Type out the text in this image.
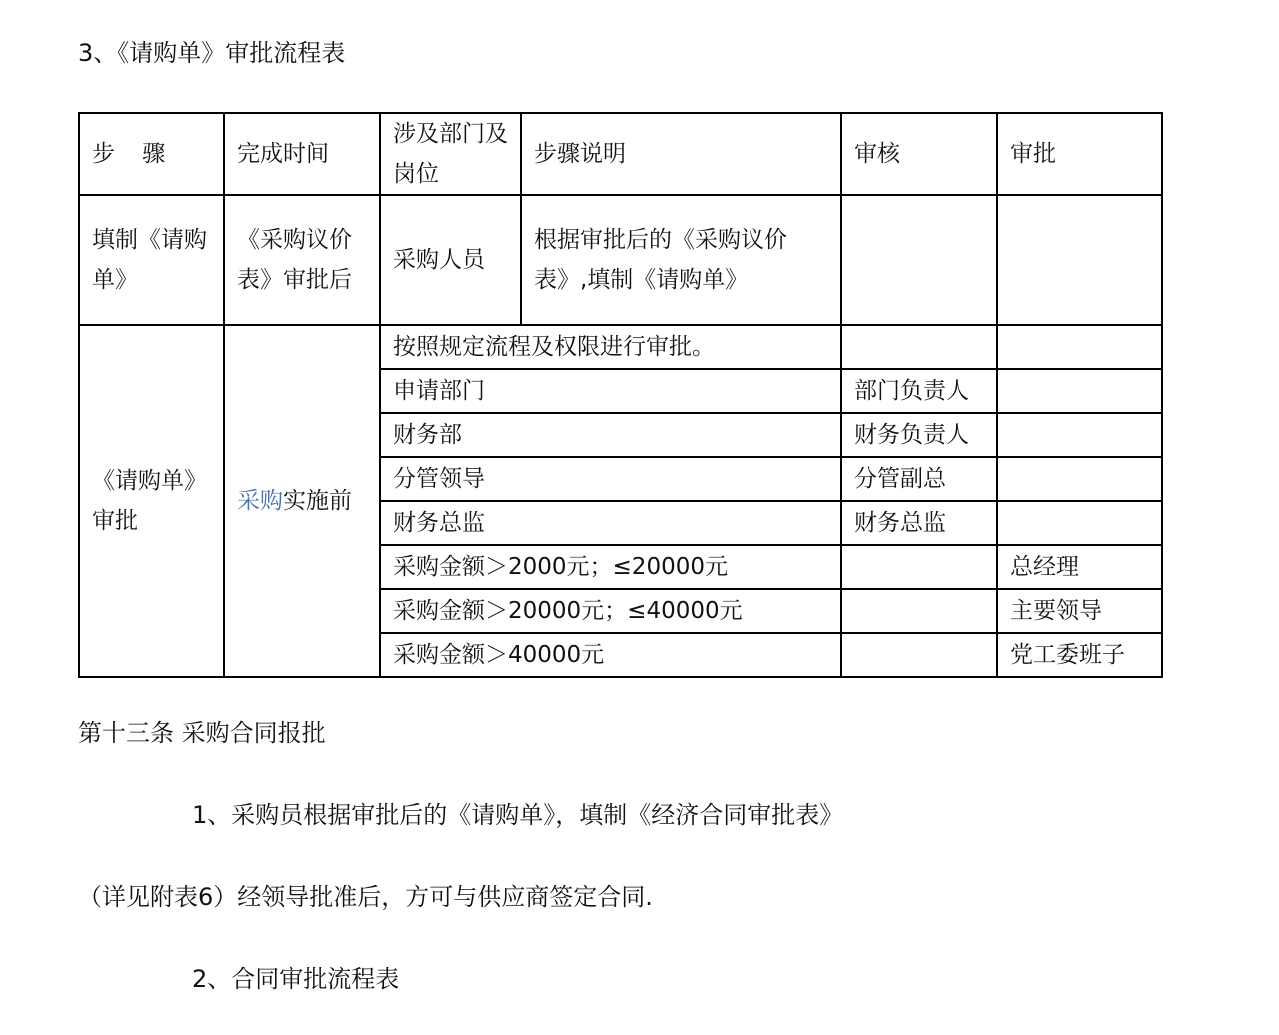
3、《请购单》审批流程表
步 骤	完成时间	涉及部门及岗位	步骤说明	审核	审批
填制《请购单》	《采购议价表》审批后	采购人员	根据审批后的《采购议价表》,填制《请购单》		
《请购单》审批	采购实施前	按照规定流程及权限进行审批。			
		申请部门		部门负责人	
		财务部		财务负责人	
		分管领导		分管副总	
		财务总监		财务总监	
		采购金额＞2000元；≤20000元			总经理
		采购金额＞20000元；≤40000元			主要领导
		采购金额＞40000元			党工委班子
第十三条 采购合同报批
1、采购员根据审批后的《请购单》，填制《经济合同审批表》
（详见附表6）经领导批准后，方可与供应商签定合同.
2、合同审批流程表
